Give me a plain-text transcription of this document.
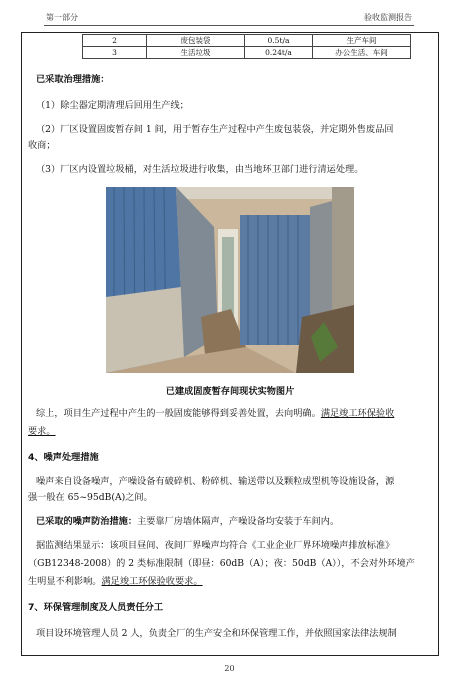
第一部分	验收监测报告
2	废包装袋	0.5t/a	生产车间
3	生活垃圾	0.24t/a	办公生活、车间
已采取治理措施：
（1）除尘器定期清理后回用生产线；
（2）厂区设置固废暂存间 1 间，用于暂存生产过程中产生废包装袋，并定期外售废品回
收商；
（3）厂区内设置垃圾桶，对生活垃圾进行收集，由当地环卫部门进行清运处理。
已建成固废暂存间现状实物图片
综上，项目生产过程中产生的一般固废能够得到妥善处置，去向明确。满足竣工环保验收
要求。
4、噪声处理措施
噪声来自设备噪声，产噪设备有破碎机、粉碎机、输送带以及颗粒成型机等设施设备，源
强一般在 65~95dB(A)之间。
已采取的噪声防治措施：主要靠厂房墙体隔声，产噪设备均安装于车间内。
据监测结果显示：该项目昼间、夜间厂界噪声均符合《工业企业厂界环境噪声排放标准》
（GB12348-2008）的 2 类标准限制（即昼：60dB（A）；夜：50dB（A）），不会对外环境产
生明显不利影响。满足竣工环保验收要求。
7、环保管理制度及人员责任分工
项目设环境管理人员 2 人，负责全厂的生产安全和环保管理工作，并依照国家法律法规制
20
